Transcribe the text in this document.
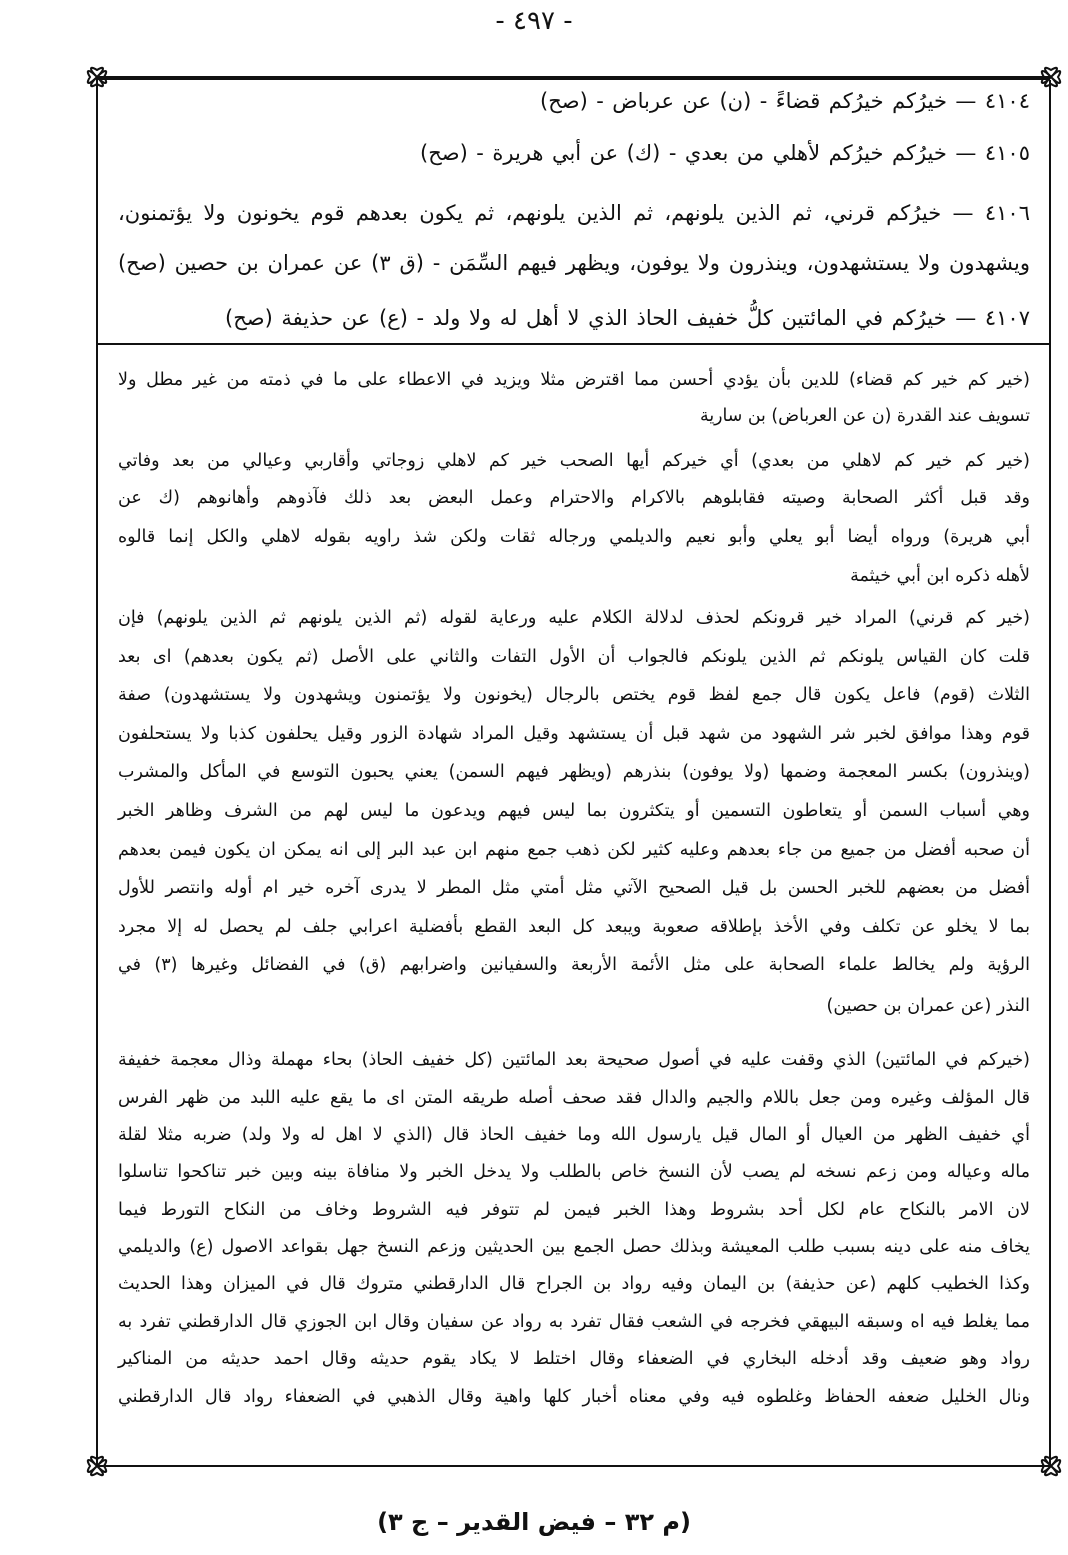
- ٤٩٧ -
٤١٠٤ — خيرُكم خيرُكم قضاءً - (ن) عن عرباض - (صح)
٤١٠٥ — خيرُكم خيرُكم لأهلي من بعدي - (ك) عن أبي هريرة - (صح)
٤١٠٦ — خيرُكم قرني، ثم الذين يلونهم، ثم الذين يلونهم، ثم يكون بعدهم قوم يخونون ولا يؤتمنون،
ويشهدون ولا يستشهدون، وينذرون ولا يوفون، ويظهر فيهم السِّمَن - (ق ٣) عن عمران بن حصين (صح)
٤١٠٧ — خيرُكم في المائتين كلُّ خفيف الحاذ الذي لا أهل له ولا ولد - (ع) عن حذيفة (صح)
(خير كم خير كم قضاء) للدين بأن يؤدي أحسن مما اقترض مثلا ويزيد في الاعطاء على ما في ذمته من غير مطل ولا
تسويف عند القدرة (ن عن العرباض) بن سارية
(خير كم خير كم لاهلي من بعدي) أي خيركم أيها الصحب خير كم لاهلي زوجاتي وأقاربي وعيالي من بعد وفاتي
وقد قبل أكثر الصحابة وصيته فقابلوهم بالاكرام والاحترام وعمل البعض بعد ذلك فآذوهم وأهانوهم (ك عن
أبي هريرة) ورواه أيضا أبو يعلي وأبو نعيم والديلمي ورجاله ثقات ولكن شذ راويه بقوله لاهلي والكل إنما قالوه
لأهله ذكره ابن أبي خيثمة
(خير كم قرني) المراد خير قرونكم لحذف لدلالة الكلام عليه ورعاية لقوله (ثم الذين يلونهم ثم الذين يلونهم) فإن
قلت كان القياس يلونكم ثم الذين يلونكم فالجواب أن الأول التفات والثاني على الأصل (ثم يكون بعدهم) اى بعد
الثلاث (قوم) فاعل يكون قال جمع لفظ قوم يختص بالرجال (يخونون ولا يؤتمنون ويشهدون ولا يستشهدون) صفة
قوم وهذا موافق لخبر شر الشهود من شهد قبل أن يستشهد وقيل المراد شهادة الزور وقيل يحلفون كذبا ولا يستحلفون
(وينذرون) بكسر المعجمة وضمها (ولا يوفون) بنذرهم (ويظهر فيهم السمن) يعني يحبون التوسع في المأكل والمشرب
وهي أسباب السمن أو يتعاطون التسمين أو يتكثرون بما ليس فيهم ويدعون ما ليس لهم من الشرف وظاهر الخبر
أن صحبه أفضل من جميع من جاء بعدهم وعليه كثير لكن ذهب جمع منهم ابن عبد البر إلى انه يمكن ان يكون فيمن بعدهم
أفضل من بعضهم للخبر الحسن بل قيل الصحيح الآتي مثل أمتي مثل المطر لا يدرى آخره خير ام أوله وانتصر للأول
بما لا يخلو عن تكلف وفي الأخذ بإطلاقه صعوبة ويبعد كل البعد القطع بأفضلية اعرابي جلف لم يحصل له إلا مجرد
الرؤية ولم يخالط علماء الصحابة على مثل الأئمة الأربعة والسفيانين واضرابهم (ق) في الفضائل وغيرها (٣) في
النذر (عن عمران بن حصين)
(خيركم في المائتين) الذي وقفت عليه في أصول صحيحة بعد المائتين (كل خفيف الحاذ) بحاء مهملة وذال معجمة خفيفة
قال المؤلف وغيره ومن جعل باللام والجيم والدال فقد صحف أصله طريقه المتن اى ما يقع عليه اللبد من ظهر الفرس
أي خفيف الظهر من العيال أو المال قيل يارسول الله وما خفيف الحاذ قال (الذي لا اهل له ولا ولد) ضربه مثلا لقلة
ماله وعياله ومن زعم نسخه لم يصب لأن النسخ خاص بالطلب ولا يدخل الخبر ولا منافاة بينه وبين خبر تناكحوا تناسلوا
لان الامر بالنكاح عام لكل أحد بشروط وهذا الخبر فيمن لم تتوفر فيه الشروط وخاف من النكاح التورط فيما
يخاف منه على دينه بسبب طلب المعيشة وبذلك حصل الجمع بين الحديثين وزعم النسخ جهل بقواعد الاصول (ع) والديلمي
وكذا الخطيب كلهم (عن حذيفة) بن اليمان وفيه رواد بن الجراح قال الدارقطني متروك قال في الميزان وهذا الحديث
مما يغلط فيه اه وسبقه البيهقي فخرجه في الشعب فقال تفرد به رواد عن سفيان وقال ابن الجوزي قال الدارقطني تفرد به
رواد وهو ضعيف وقد أدخله البخاري في الضعفاء وقال اختلط لا يكاد يقوم حديثه وقال احمد حديثه من المناكير
ونال الخليل ضعفه الحفاظ وغلطوه فيه وفي معناه أخبار كلها واهية وقال الذهبي في الضعفاء رواد قال الدارقطني
(م ٣٢ – فيض القدير – ج ٣)
